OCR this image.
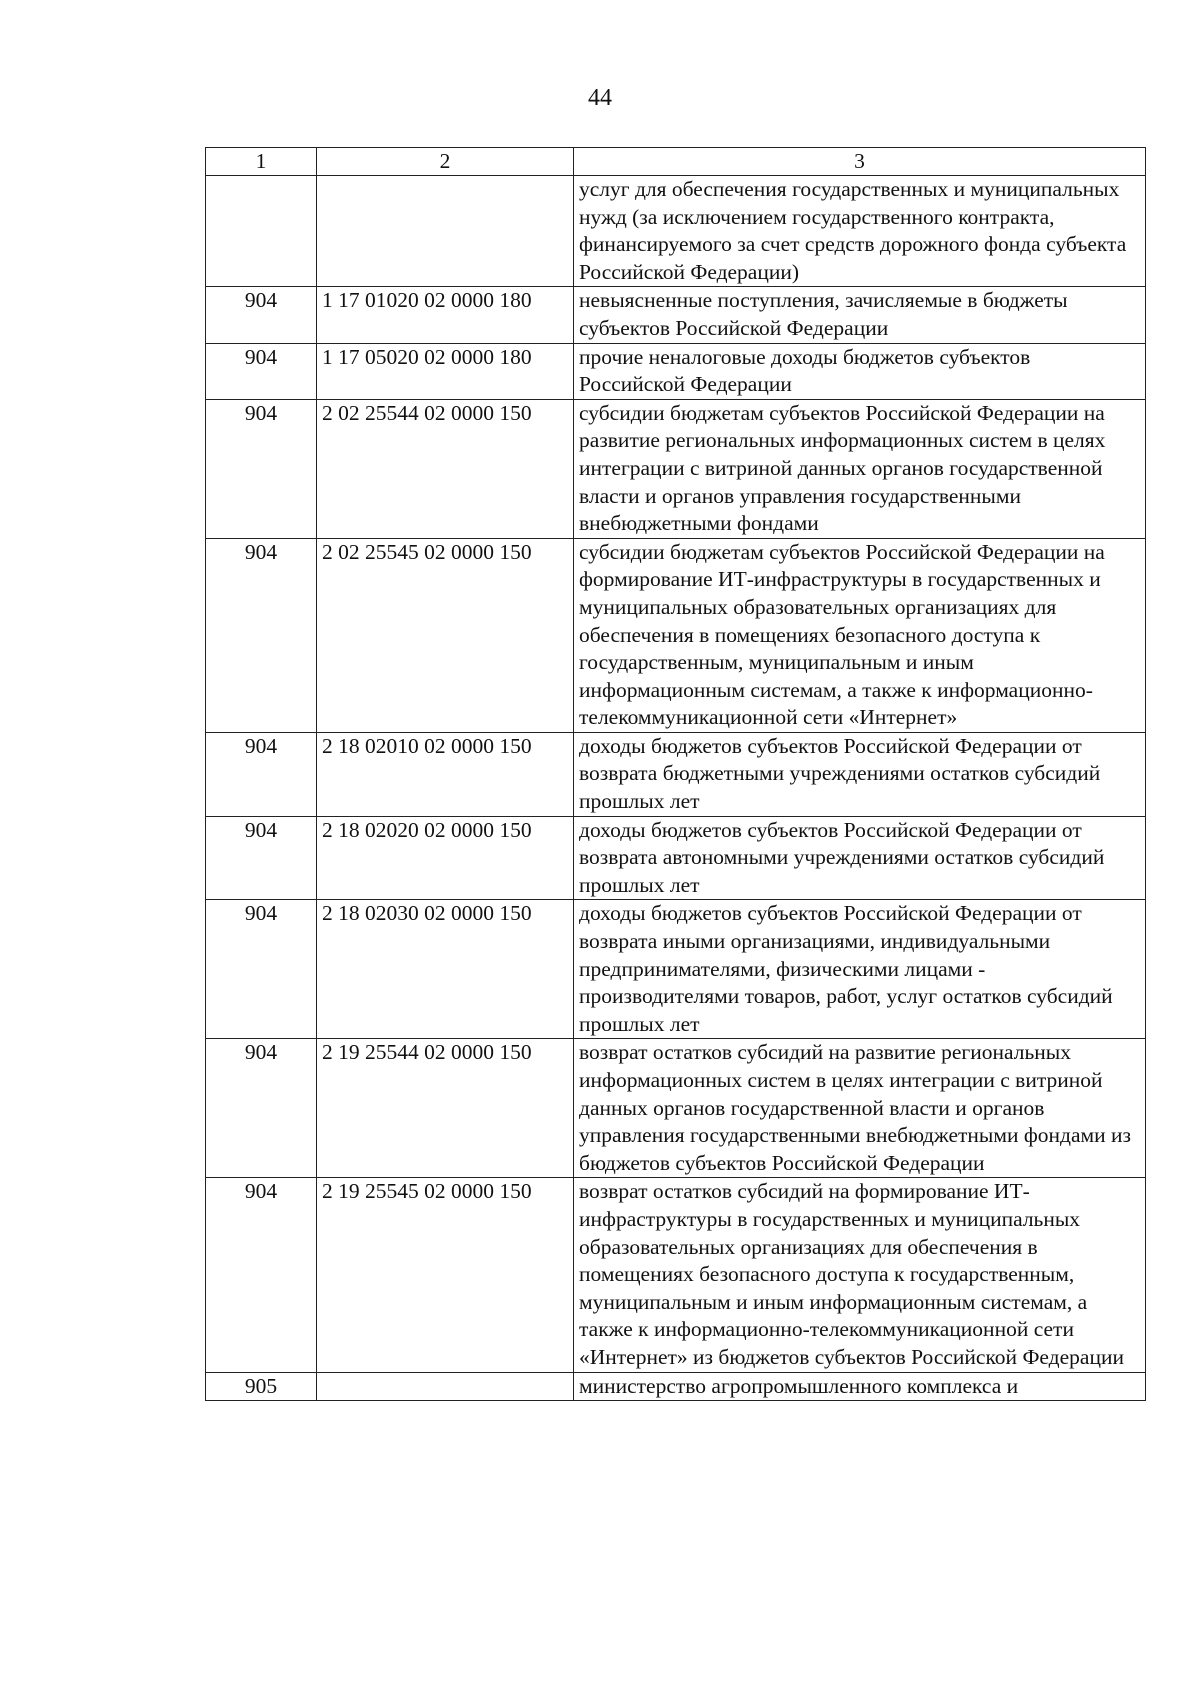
44
1	2	3
		услуг для обеспечения государственных и муниципальных нужд (за исключением государственного контракта, финансируемого за счет средств дорожного фонда субъекта Российской Федерации)
904	1 17 01020 02 0000 180	невыясненные поступления, зачисляемые в бюджеты субъектов Российской Федерации
904	1 17 05020 02 0000 180	прочие неналоговые доходы бюджетов субъектов Российской Федерации
904	2 02 25544 02 0000 150	субсидии бюджетам субъектов Российской Федерации на развитие региональных информационных систем в целях интеграции с витриной данных органов государственной власти и органов управления государственными внебюджетными фондами
904	2 02 25545 02 0000 150	субсидии бюджетам субъектов Российской Федерации на формирование ИТ-инфраструктуры в государственных и муниципальных образовательных организациях для обеспечения в помещениях безопасного доступа к государственным, муниципальным и иным информационным системам, а также к информационно-телекоммуникационной сети «Интернет»
904	2 18 02010 02 0000 150	доходы бюджетов субъектов Российской Федерации от возврата бюджетными учреждениями остатков субсидий прошлых лет
904	2 18 02020 02 0000 150	доходы бюджетов субъектов Российской Федерации от возврата автономными учреждениями остатков субсидий прошлых лет
904	2 18 02030 02 0000 150	доходы бюджетов субъектов Российской Федерации от возврата иными организациями, индивидуальными предпринимателями, физическими лицами - производителями товаров, работ, услуг остатков субсидий прошлых лет
904	2 19 25544 02 0000 150	возврат остатков субсидий на развитие региональных информационных систем в целях интеграции с витриной данных органов государственной власти и органов управления государственными внебюджетными фондами из бюджетов субъектов Российской Федерации
904	2 19 25545 02 0000 150	возврат остатков субсидий на формирование ИТ-инфраструктуры в государственных и муниципальных образовательных организациях для обеспечения в помещениях безопасного доступа к государственным, муниципальным и иным информационным системам, а также к информационно-телекоммуникационной сети «Интернет» из бюджетов субъектов Российской Федерации
905		министерство агропромышленного комплекса и
